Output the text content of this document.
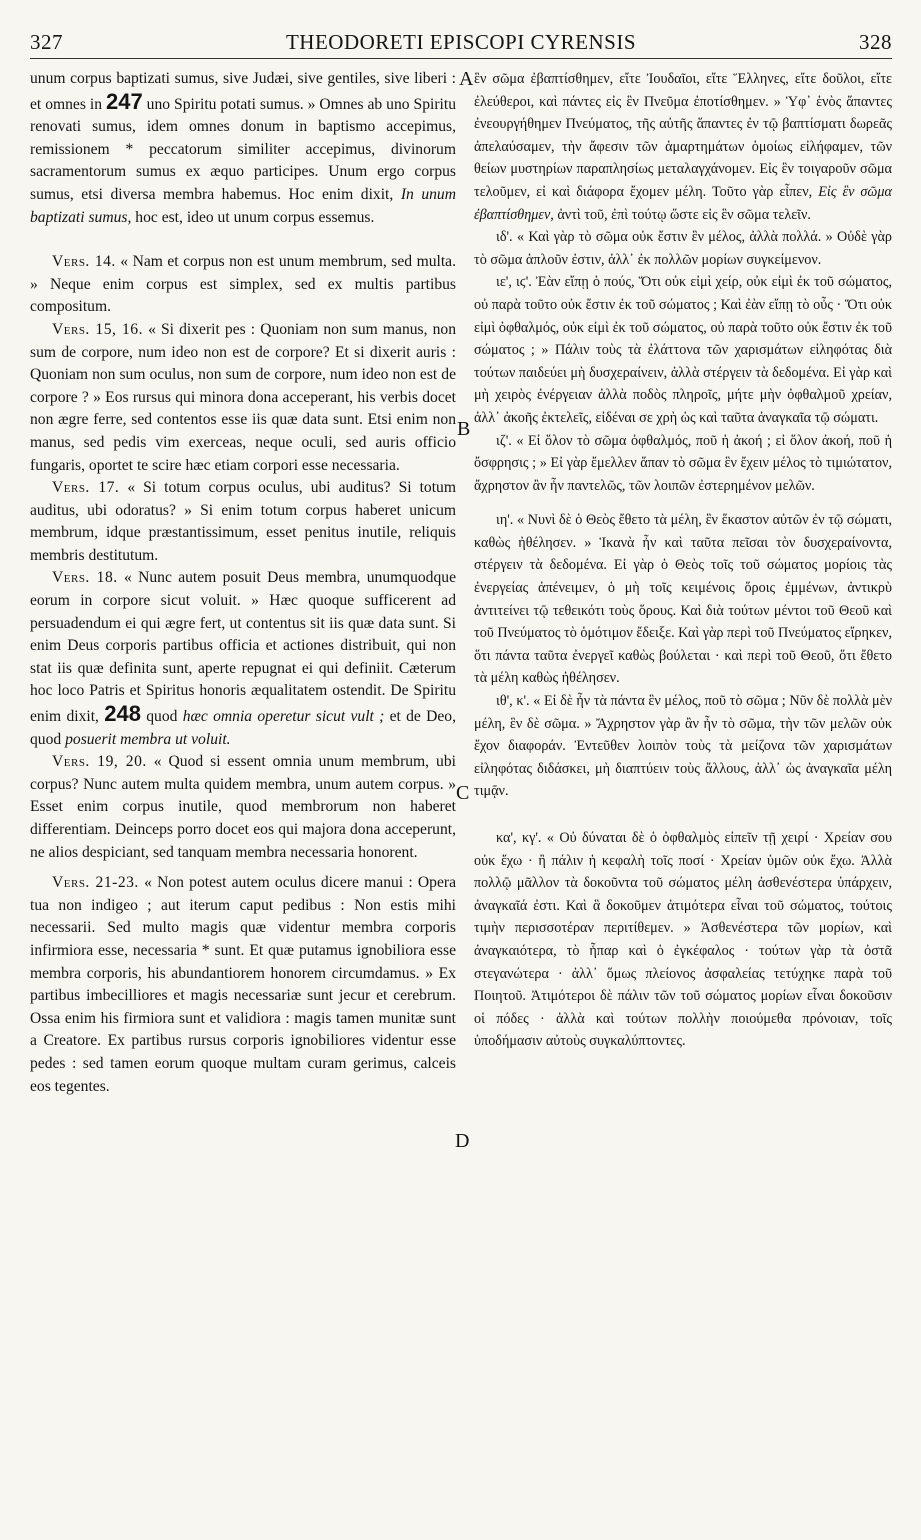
327	THEODORETI EPISCOPI CYRENSIS	328
A
B
C
D

unum corpus baptizati sumus, sive Judæi, sive gentiles, sive liberi : et omnes in 247 uno Spiritu potati sumus. » Omnes ab uno Spiritu renovati sumus, idem omnes donum in baptismo accepimus, remissionem * peccatorum similiter accepimus, divinorum sacramentorum sumus ex æquo participes. Unum ergo corpus sumus, etsi diversa membra habemus. Hoc enim dixit, In unum baptizati sumus, hoc est, ideo ut unum corpus essemus.

Vers. 14. « Nam et corpus non est unum membrum, sed multa. » Neque enim corpus est simplex, sed ex multis partibus compositum.

Vers. 15, 16. « Si dixerit pes : Quoniam non sum manus, non sum de corpore, num ideo non est de corpore? Et si dixerit auris : Quoniam non sum oculus, non sum de corpore, num ideo non est de corpore ? » Eos rursus qui minora dona acceperant, his verbis docet non ægre ferre, sed contentos esse iis quæ data sunt. Etsi enim non manus, sed pedis vim exerceas, neque oculi, sed auris officio fungaris, oportet te scire hæc etiam corpori esse necessaria.

Vers. 17. « Si totum corpus oculus, ubi auditus? Si totum auditus, ubi odoratus? » Si enim totum corpus haberet unicum membrum, idque præstantissimum, esset penitus inutile, reliquis membris destitutum.

Vers. 18. « Nunc autem posuit Deus membra, unumquodque eorum in corpore sicut voluit. » Hæc quoque sufficerent ad persuadendum ei qui ægre fert, ut contentus sit iis quæ data sunt. Si enim Deus corporis partibus officia et actiones distribuit, qui non stat iis quæ definita sunt, aperte repugnat ei qui definiit. Cæterum hoc loco Patris et Spiritus honoris æqualitatem ostendit. De Spiritu enim dixit, 248 quod hæc omnia operetur sicut vult ; et de Deo, quod posuerit membra ut voluit.

Vers. 19, 20. « Quod si essent omnia unum membrum, ubi corpus? Nunc autem multa quidem membra, unum autem corpus. » Esset enim corpus inutile, quod membrorum non haberet differentiam. Deinceps porro docet eos qui majora dona acceperunt, ne alios despiciant, sed tanquam membra necessaria honorent.

Vers. 21-23. « Non potest autem oculus dicere manui : Opera tua non indigeo ; aut iterum caput pedibus : Non estis mihi necessarii. Sed multo magis quæ videntur membra corporis infirmiora esse, necessaria * sunt. Et quæ putamus ignobiliora esse membra corporis, his abundantiorem honorem circumdamus. » Ex partibus imbecilliores et magis necessariæ sunt jecur et cerebrum. Ossa enim his firmiora sunt et validiora : magis tamen munitæ sunt a Creatore. Ex partibus rursus corporis ignobiliores videntur esse pedes : sed tamen eorum quoque multam curam gerimus, calceis eos tegentes.

ἓν σῶμα ἐβαπτίσθημεν, εἴτε Ἰουδαῖοι, εἴτε Ἕλληνες, εἴτε δοῦλοι, εἴτε ἐλεύθεροι, καὶ πάντες εἰς ἓν Πνεῦμα ἐποτίσθημεν. » Ὑφ᾽ ἑνὸς ἅπαντες ἐνεουργήθημεν Πνεύματος, τῆς αὐτῆς ἅπαντες ἐν τῷ βαπτίσματι δωρεᾶς ἀπελαύσαμεν, τὴν ἄφεσιν τῶν ἁμαρτημάτων ὁμοίως εἰλήφαμεν, τῶν θείων μυστηρίων παραπλησίως μεταλαγχάνομεν. Εἰς ἓν τοιγαροῦν σῶμα τελοῦμεν, εἰ καὶ διάφορα ἔχομεν μέλη. Τοῦτο γὰρ εἶπεν, Εἰς ἓν σῶμα ἐβαπτίσθημεν, ἀντὶ τοῦ, ἐπὶ τούτῳ ὥστε εἰς ἓν σῶμα τελεῖν.

ιδ'. « Καὶ γὰρ τὸ σῶμα οὐκ ἔστιν ἓν μέλος, ἀλλὰ πολλά. » Οὐδὲ γὰρ τὸ σῶμα ἁπλοῦν ἐστιν, ἀλλ᾽ ἐκ πολλῶν μορίων συγκείμενον.

ιε', ιϛ'. Ἐὰν εἴπῃ ὁ πούς, Ὅτι οὐκ εἰμὶ χείρ, οὐκ εἰμὶ ἐκ τοῦ σώματος, οὐ παρὰ τοῦτο οὐκ ἔστιν ἐκ τοῦ σώματος ; Καὶ ἐὰν εἴπῃ τὸ οὖς · Ὅτι οὐκ εἰμὶ ὀφθαλμός, οὐκ εἰμὶ ἐκ τοῦ σώματος, οὐ παρὰ τοῦτο οὐκ ἔστιν ἐκ τοῦ σώματος ; » Πάλιν τοὺς τὰ ἐλάττονα τῶν χαρισμάτων εἰληφότας διὰ τούτων παιδεύει μὴ δυσχεραίνειν, ἀλλὰ στέργειν τὰ δεδομένα. Εἰ γὰρ καὶ μὴ χειρὸς ἐνέργειαν ἀλλὰ ποδὸς πληροῖς, μήτε μὴν ὀφθαλμοῦ χρείαν, ἀλλ᾽ ἀκοῆς ἐκτελεῖς, εἰδέναι σε χρὴ ὡς καὶ ταῦτα ἀναγκαῖα τῷ σώματι.

ιζ'. « Εἰ ὅλον τὸ σῶμα ὀφθαλμός, ποῦ ἡ ἀκοή ; εἰ ὅλον ἀκοή, ποῦ ἡ ὄσφρησις ; » Εἰ γὰρ ἔμελλεν ἅπαν τὸ σῶμα ἓν ἔχειν μέλος τὸ τιμιώτατον, ἄχρηστον ἂν ἦν παντελῶς, τῶν λοιπῶν ἐστερημένον μελῶν.

ιη'. « Νυνὶ δὲ ὁ Θεὸς ἔθετο τὰ μέλη, ἓν ἕκαστον αὐτῶν ἐν τῷ σώματι, καθὼς ἠθέλησεν. » Ἱκανὰ ἦν καὶ ταῦτα πεῖσαι τὸν δυσχεραίνοντα, στέργειν τὰ δεδομένα. Εἰ γὰρ ὁ Θεὸς τοῖς τοῦ σώματος μορίοις τὰς ἐνεργείας ἀπένειμεν, ὁ μὴ τοῖς κειμένοις ὅροις ἐμμένων, ἀντικρὺ ἀντιτείνει τῷ τεθεικότι τοὺς ὅρους. Καὶ διὰ τούτων μέντοι τοῦ Θεοῦ καὶ τοῦ Πνεύματος τὸ ὁμότιμον ἔδειξε. Καὶ γὰρ περὶ τοῦ Πνεύματος εἴρηκεν, ὅτι πάντα ταῦτα ἐνεργεῖ καθὼς βούλεται · καὶ περὶ τοῦ Θεοῦ, ὅτι ἔθετο τὰ μέλη καθὼς ἠθέλησεν.

ιθ', κ'. « Εἰ δὲ ἦν τὰ πάντα ἓν μέλος, ποῦ τὸ σῶμα ; Νῦν δὲ πολλὰ μὲν μέλη, ἓν δὲ σῶμα. » Ἄχρηστον γὰρ ἂν ἦν τὸ σῶμα, τὴν τῶν μελῶν οὐκ ἔχον διαφοράν. Ἐντεῦθεν λοιπὸν τοὺς τὰ μείζονα τῶν χαρισμάτων εἰληφότας διδάσκει, μὴ διαπτύειν τοὺς ἄλλους, ἀλλ᾽ ὡς ἀναγκαῖα μέλη τιμᾷν.

κα', κγ'. « Οὐ δύναται δὲ ὁ ὀφθαλμὸς εἰπεῖν τῇ χειρί · Χρείαν σου οὐκ ἔχω · ἢ πάλιν ἡ κεφαλὴ τοῖς ποσί · Χρείαν ὑμῶν οὐκ ἔχω. Ἀλλὰ πολλῷ μᾶλλον τὰ δοκοῦντα τοῦ σώματος μέλη ἀσθενέστερα ὑπάρχειν, ἀναγκαῖά ἐστι. Καὶ ἃ δοκοῦμεν ἀτιμότερα εἶναι τοῦ σώματος, τούτοις τιμὴν περισσοτέραν περιτίθεμεν. » Ἀσθενέστερα τῶν μορίων, καὶ ἀναγκαιότερα, τὸ ἧπαρ καὶ ὁ ἐγκέφαλος · τούτων γὰρ τὰ ὀστᾶ στεγανώτερα · ἀλλ᾽ ὅμως πλείονος ἀσφαλείας τετύχηκε παρὰ τοῦ Ποιητοῦ. Ἀτιμότεροι δὲ πάλιν τῶν τοῦ σώματος μορίων εἶναι δοκοῦσιν οἱ πόδες · ἀλλὰ καὶ τούτων πολλὴν ποιούμεθα πρόνοιαν, τοῖς ὑποδήμασιν αὐτοὺς συγκαλύπτοντες.
